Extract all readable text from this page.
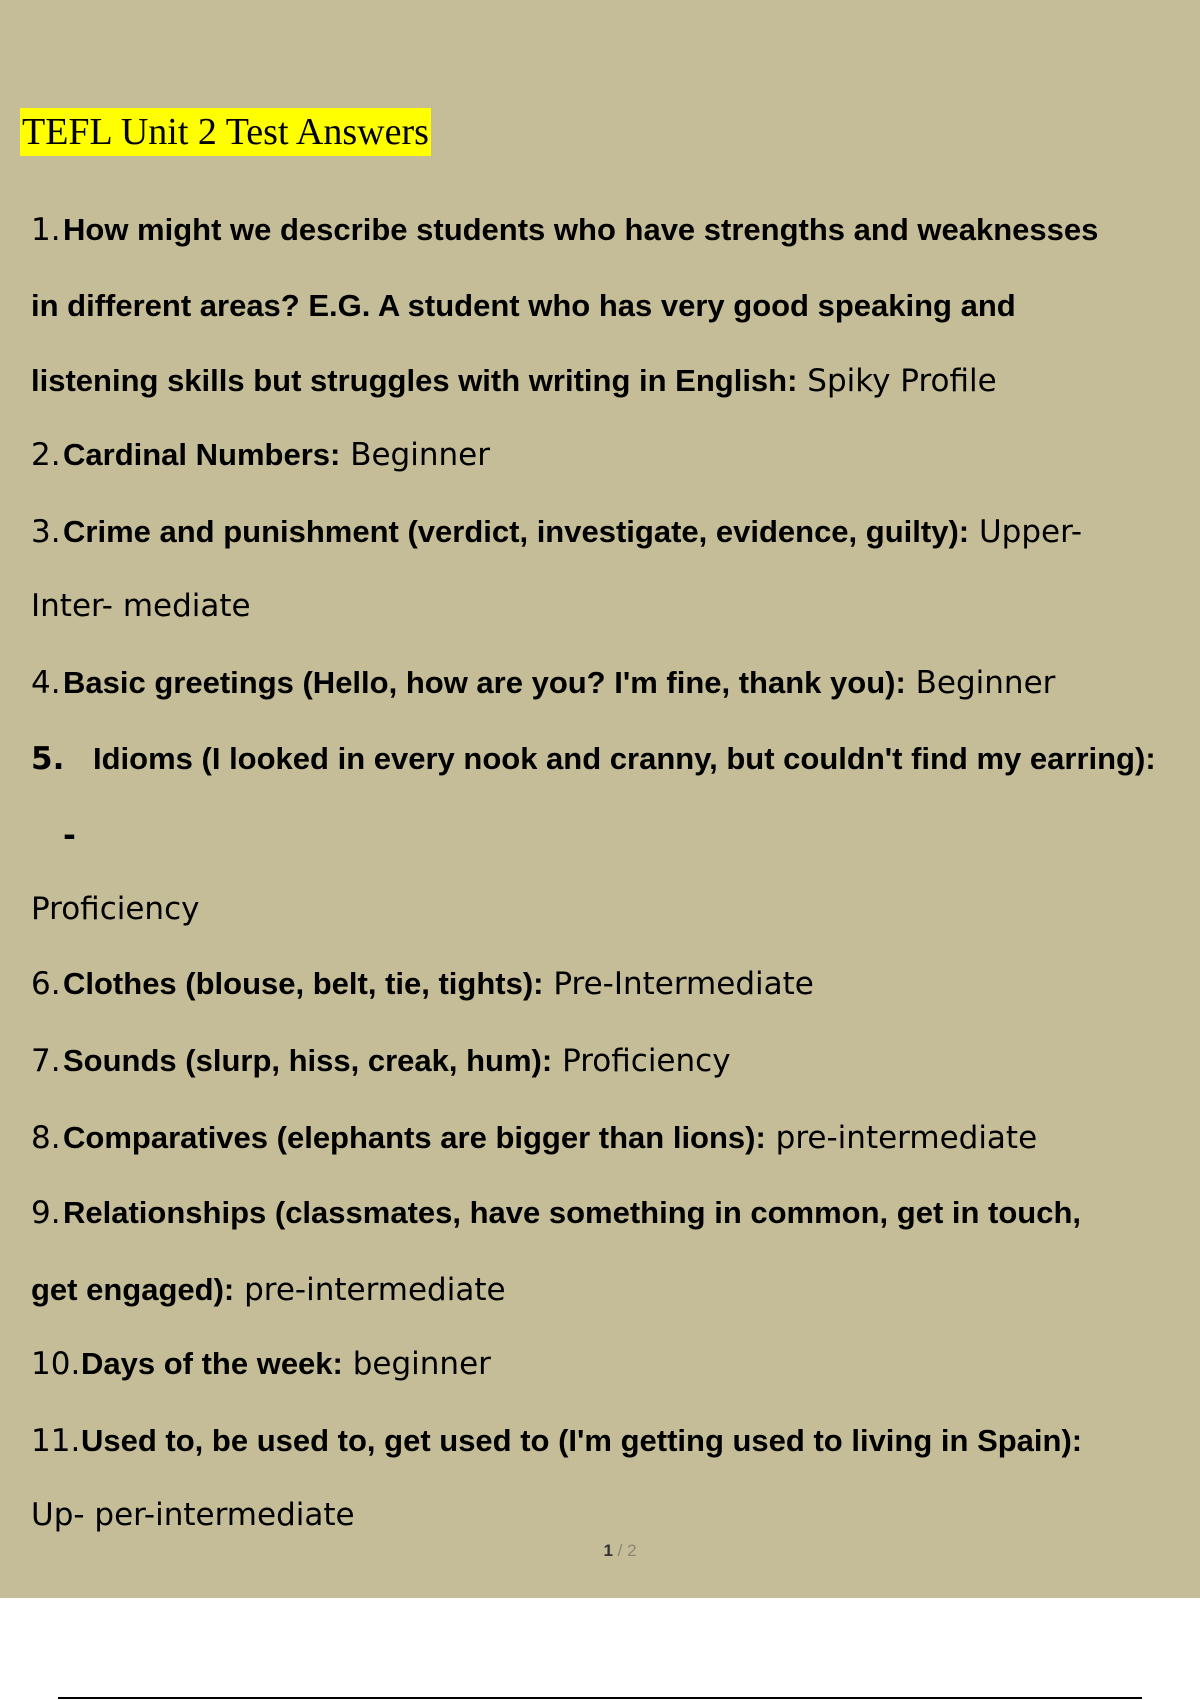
TEFL Unit 2 Test Answers
1.How might we describe students who have strengths and weaknesses
in different areas? E.G. A student who has very good speaking and
listening skills but struggles with writing in English: Spiky Profile
2.Cardinal Numbers: Beginner
3.Crime and punishment (verdict, investigate, evidence, guilty): Upper-
Inter- mediate
4.Basic greetings (Hello, how are you? I'm fine, thank you): Beginner
5. Idioms (I looked in every nook and cranny, but couldn't find my earring):
-
Proficiency
6.Clothes (blouse, belt, tie, tights): Pre-Intermediate
7.Sounds (slurp, hiss, creak, hum): Proficiency
8.Comparatives (elephants are bigger than lions): pre-intermediate
9.Relationships (classmates, have something in common, get in touch,
get engaged): pre-intermediate
10.Days of the week: beginner
11.Used to, be used to, get used to (I'm getting used to living in Spain):
Up- per-intermediate
1 / 2
